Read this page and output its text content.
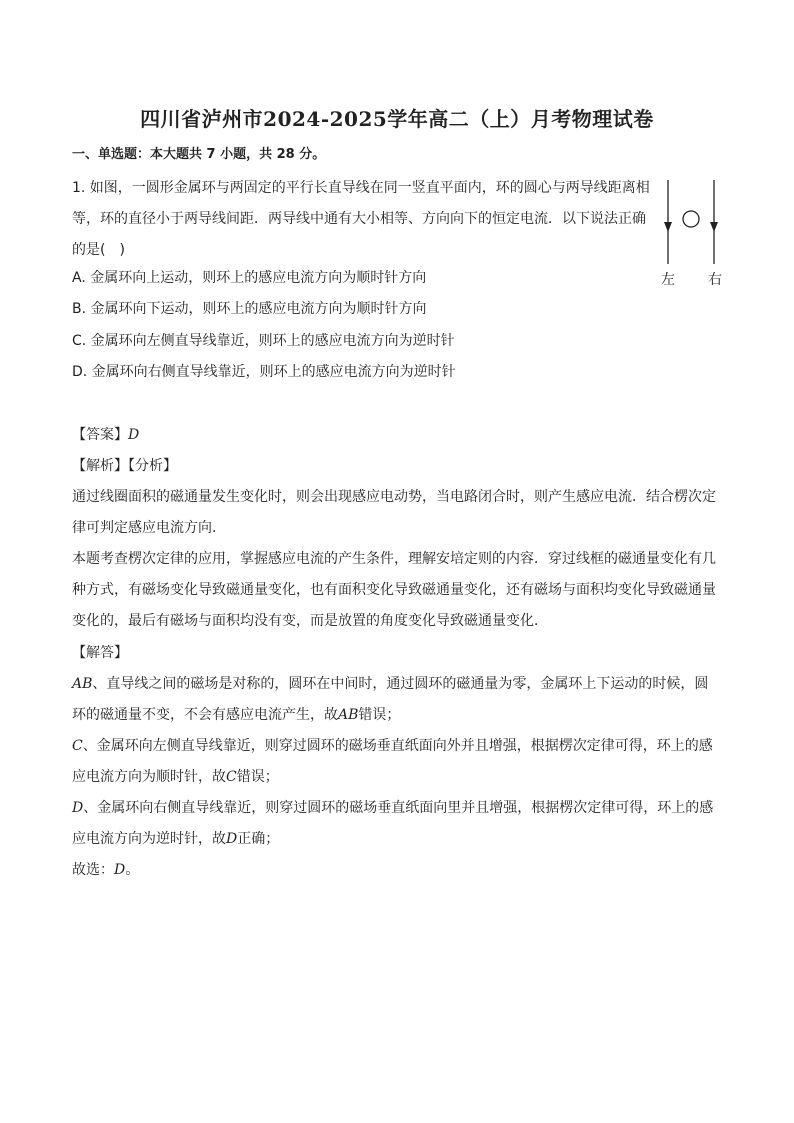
四川省泸州市2024-2025学年高二（上）月考物理试卷
一、单选题：本大题共 7 小题，共 28 分。
1. 如图，一圆形金属环与两固定的平行长直导线在同一竖直平面内，环的圆心与两导线距离相等，环的直径小于两导线间距．两导线中通有大小相等、方向向下的恒定电流．以下说法正确的是(　)
A. 金属环向上运动，则环上的感应电流方向为顺时针方向
B. 金属环向下运动，则环上的感应电流方向为顺时针方向
C. 金属环向左侧直导线靠近，则环上的感应电流方向为逆时针
D. 金属环向右侧直导线靠近，则环上的感应电流方向为逆时针
左 右
【答案】D
【解析】【分析】

通过线圈面积的磁通量发生变化时，则会出现感应电动势，当电路闭合时，则产生感应电流．结合楞次定律可判定感应电流方向．

本题考查楞次定律的应用，掌握感应电流的产生条件，理解安培定则的内容．穿过线框的磁通量变化有几种方式，有磁场变化导致磁通量变化，也有面积变化导致磁通量变化，还有磁场与面积均变化导致磁通量变化的，最后有磁场与面积均没有变，而是放置的角度变化导致磁通量变化．

【解答】

AB、直导线之间的磁场是对称的，圆环在中间时，通过圆环的磁通量为零，金属环上下运动的时候，圆环的磁通量不变，不会有感应电流产生，故AB错误；

C、金属环向左侧直导线靠近，则穿过圆环的磁场垂直纸面向外并且增强，根据楞次定律可得，环上的感应电流方向为顺时针，故C错误；

D、金属环向右侧直导线靠近，则穿过圆环的磁场垂直纸面向里并且增强，根据楞次定律可得，环上的感应电流方向为逆时针，故D正确；

故选：D。
